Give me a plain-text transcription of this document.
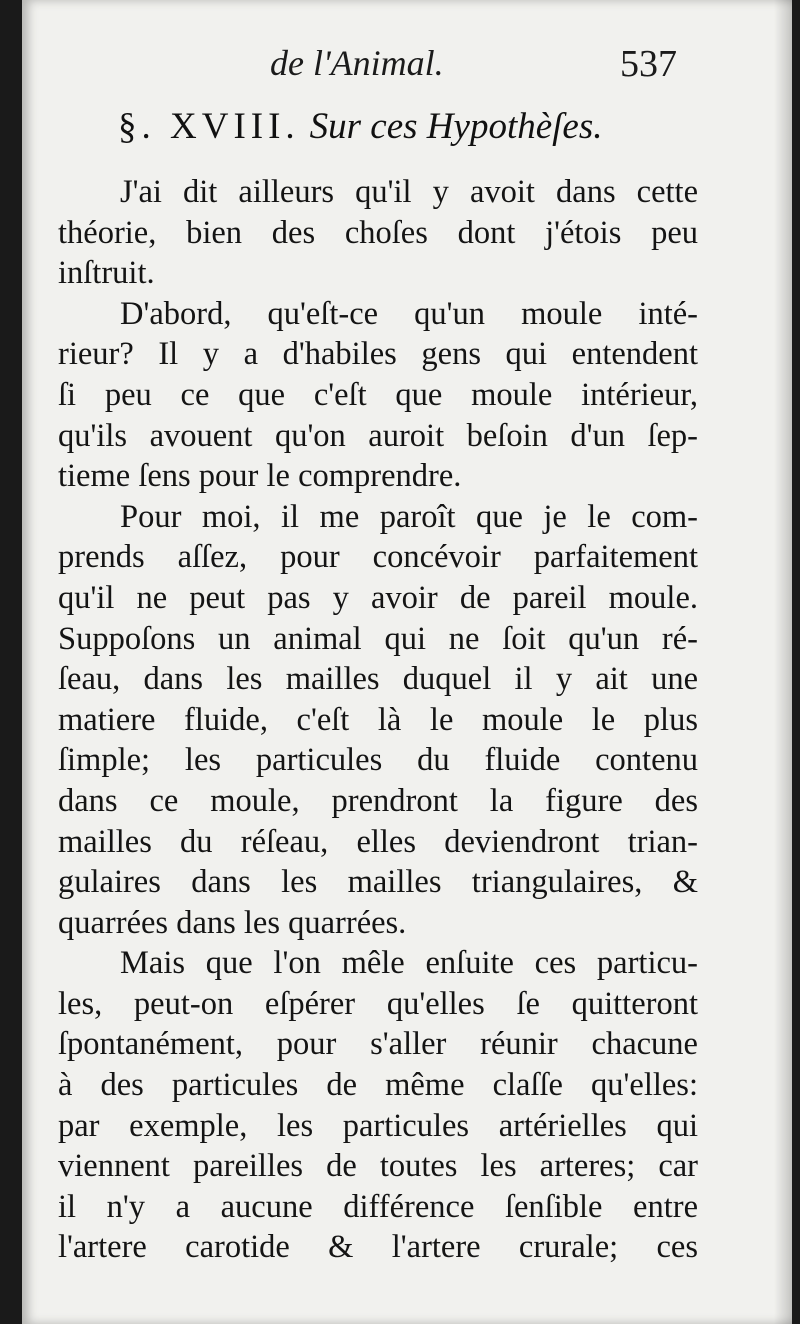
de l'Animal.	537
§. XVIII. Sur ces Hypothèſes.
J'ai dit ailleurs qu'il y avoit dans cette
théorie, bien des choſes dont j'étois peu
inſtruit.
D'abord, qu'eſt-ce qu'un moule inté-
rieur? Il y a d'habiles gens qui entendent
ſi peu ce que c'eſt que moule intérieur,
qu'ils avouent qu'on auroit beſoin d'un ſep-
tieme ſens pour le comprendre.
Pour moi, il me paroît que je le com-
prends aſſez, pour concévoir parfaitement
qu'il ne peut pas y avoir de pareil moule.
Suppoſons un animal qui ne ſoit qu'un ré-
ſeau, dans les mailles duquel il y ait une
matiere fluide, c'eſt là le moule le plus
ſimple; les particules du fluide contenu
dans ce moule, prendront la figure des
mailles du réſeau, elles deviendront trian-
gulaires dans les mailles triangulaires, &
quarrées dans les quarrées.
Mais que l'on mêle enſuite ces particu-
les, peut-on eſpérer qu'elles ſe quitteront
ſpontanément, pour s'aller réunir chacune
à des particules de même claſſe qu'elles:
par exemple, les particules artérielles qui
viennent pareilles de toutes les arteres; car
il n'y a aucune différence ſenſible entre
l'artere carotide & l'artere crurale; ces
